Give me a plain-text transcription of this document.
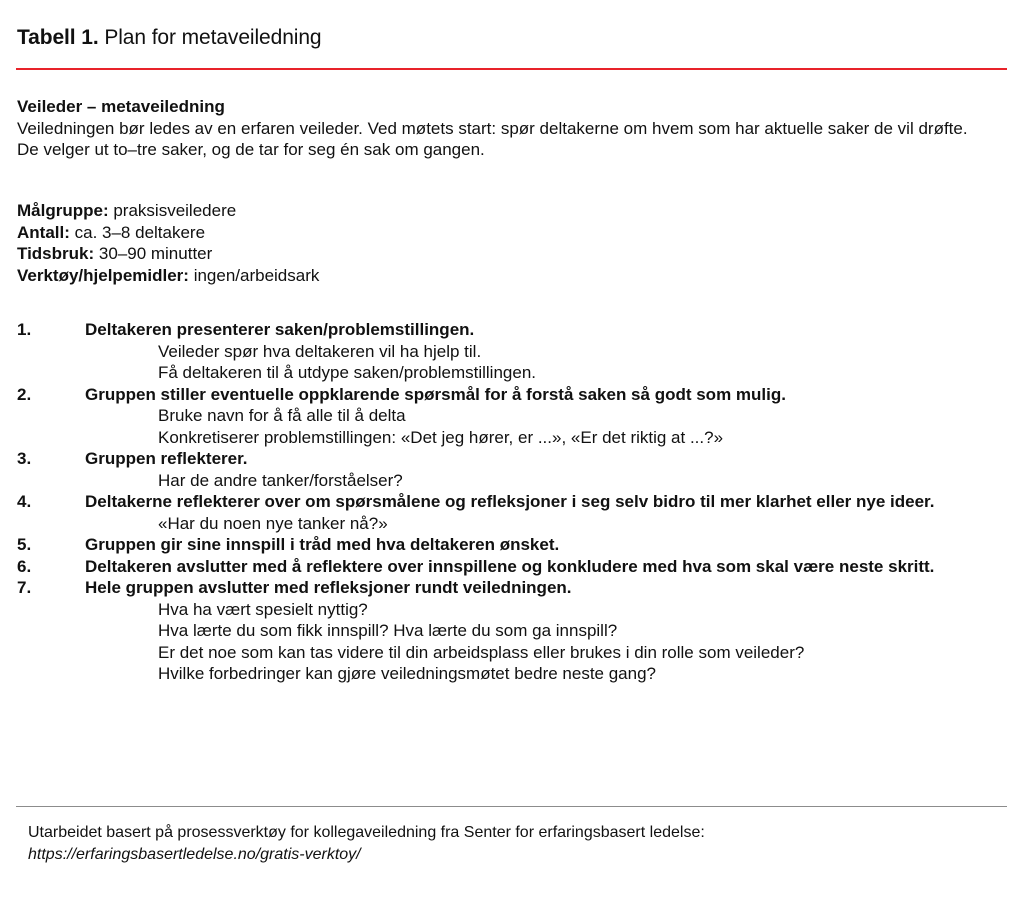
Tabell 1. Plan for metaveiledning
Veileder – metaveiledning
Veiledningen bør ledes av en erfaren veileder. Ved møtets start: spør deltakerne om hvem som har aktuelle saker de vil drøfte. De velger ut to–tre saker, og de tar for seg én sak om gangen.
Målgruppe: praksisveiledere
Antall: ca. 3–8 deltakere
Tidsbruk: 30–90 minutter
Verktøy/hjelpemidler: ingen/arbeidsark
1.	Deltakeren presenterer saken/problemstillingen.
Veileder spør hva deltakeren vil ha hjelp til.
Få deltakeren til å utdype saken/problemstillingen.
2.	Gruppen stiller eventuelle oppklarende spørsmål for å forstå saken så godt som mulig.
Bruke navn for å få alle til å delta
Konkretiserer problemstillingen: «Det jeg hører, er ...», «Er det riktig at ...?»
3.	Gruppen reflekterer.
Har de andre tanker/forståelser?
4.	Deltakerne reflekterer over om spørsmålene og refleksjoner i seg selv bidro til mer klarhet eller nye ideer.
«Har du noen nye tanker nå?»
5.	Gruppen gir sine innspill i tråd med hva deltakeren ønsket.
6.	Deltakeren avslutter med å reflektere over innspillene og konkludere med hva som skal være neste skritt.
7.	Hele gruppen avslutter med refleksjoner rundt veiledningen.
Hva ha vært spesielt nyttig?
Hva lærte du som fikk innspill? Hva lærte du som ga innspill?
Er det noe som kan tas videre til din arbeidsplass eller brukes i din rolle som veileder?
Hvilke forbedringer kan gjøre veiledningsmøtet bedre neste gang?
Utarbeidet basert på prosessverktøy for kollegaveiledning fra Senter for erfaringsbasert ledelse:
https://erfaringsbasertledelse.no/gratis-verktoy/
